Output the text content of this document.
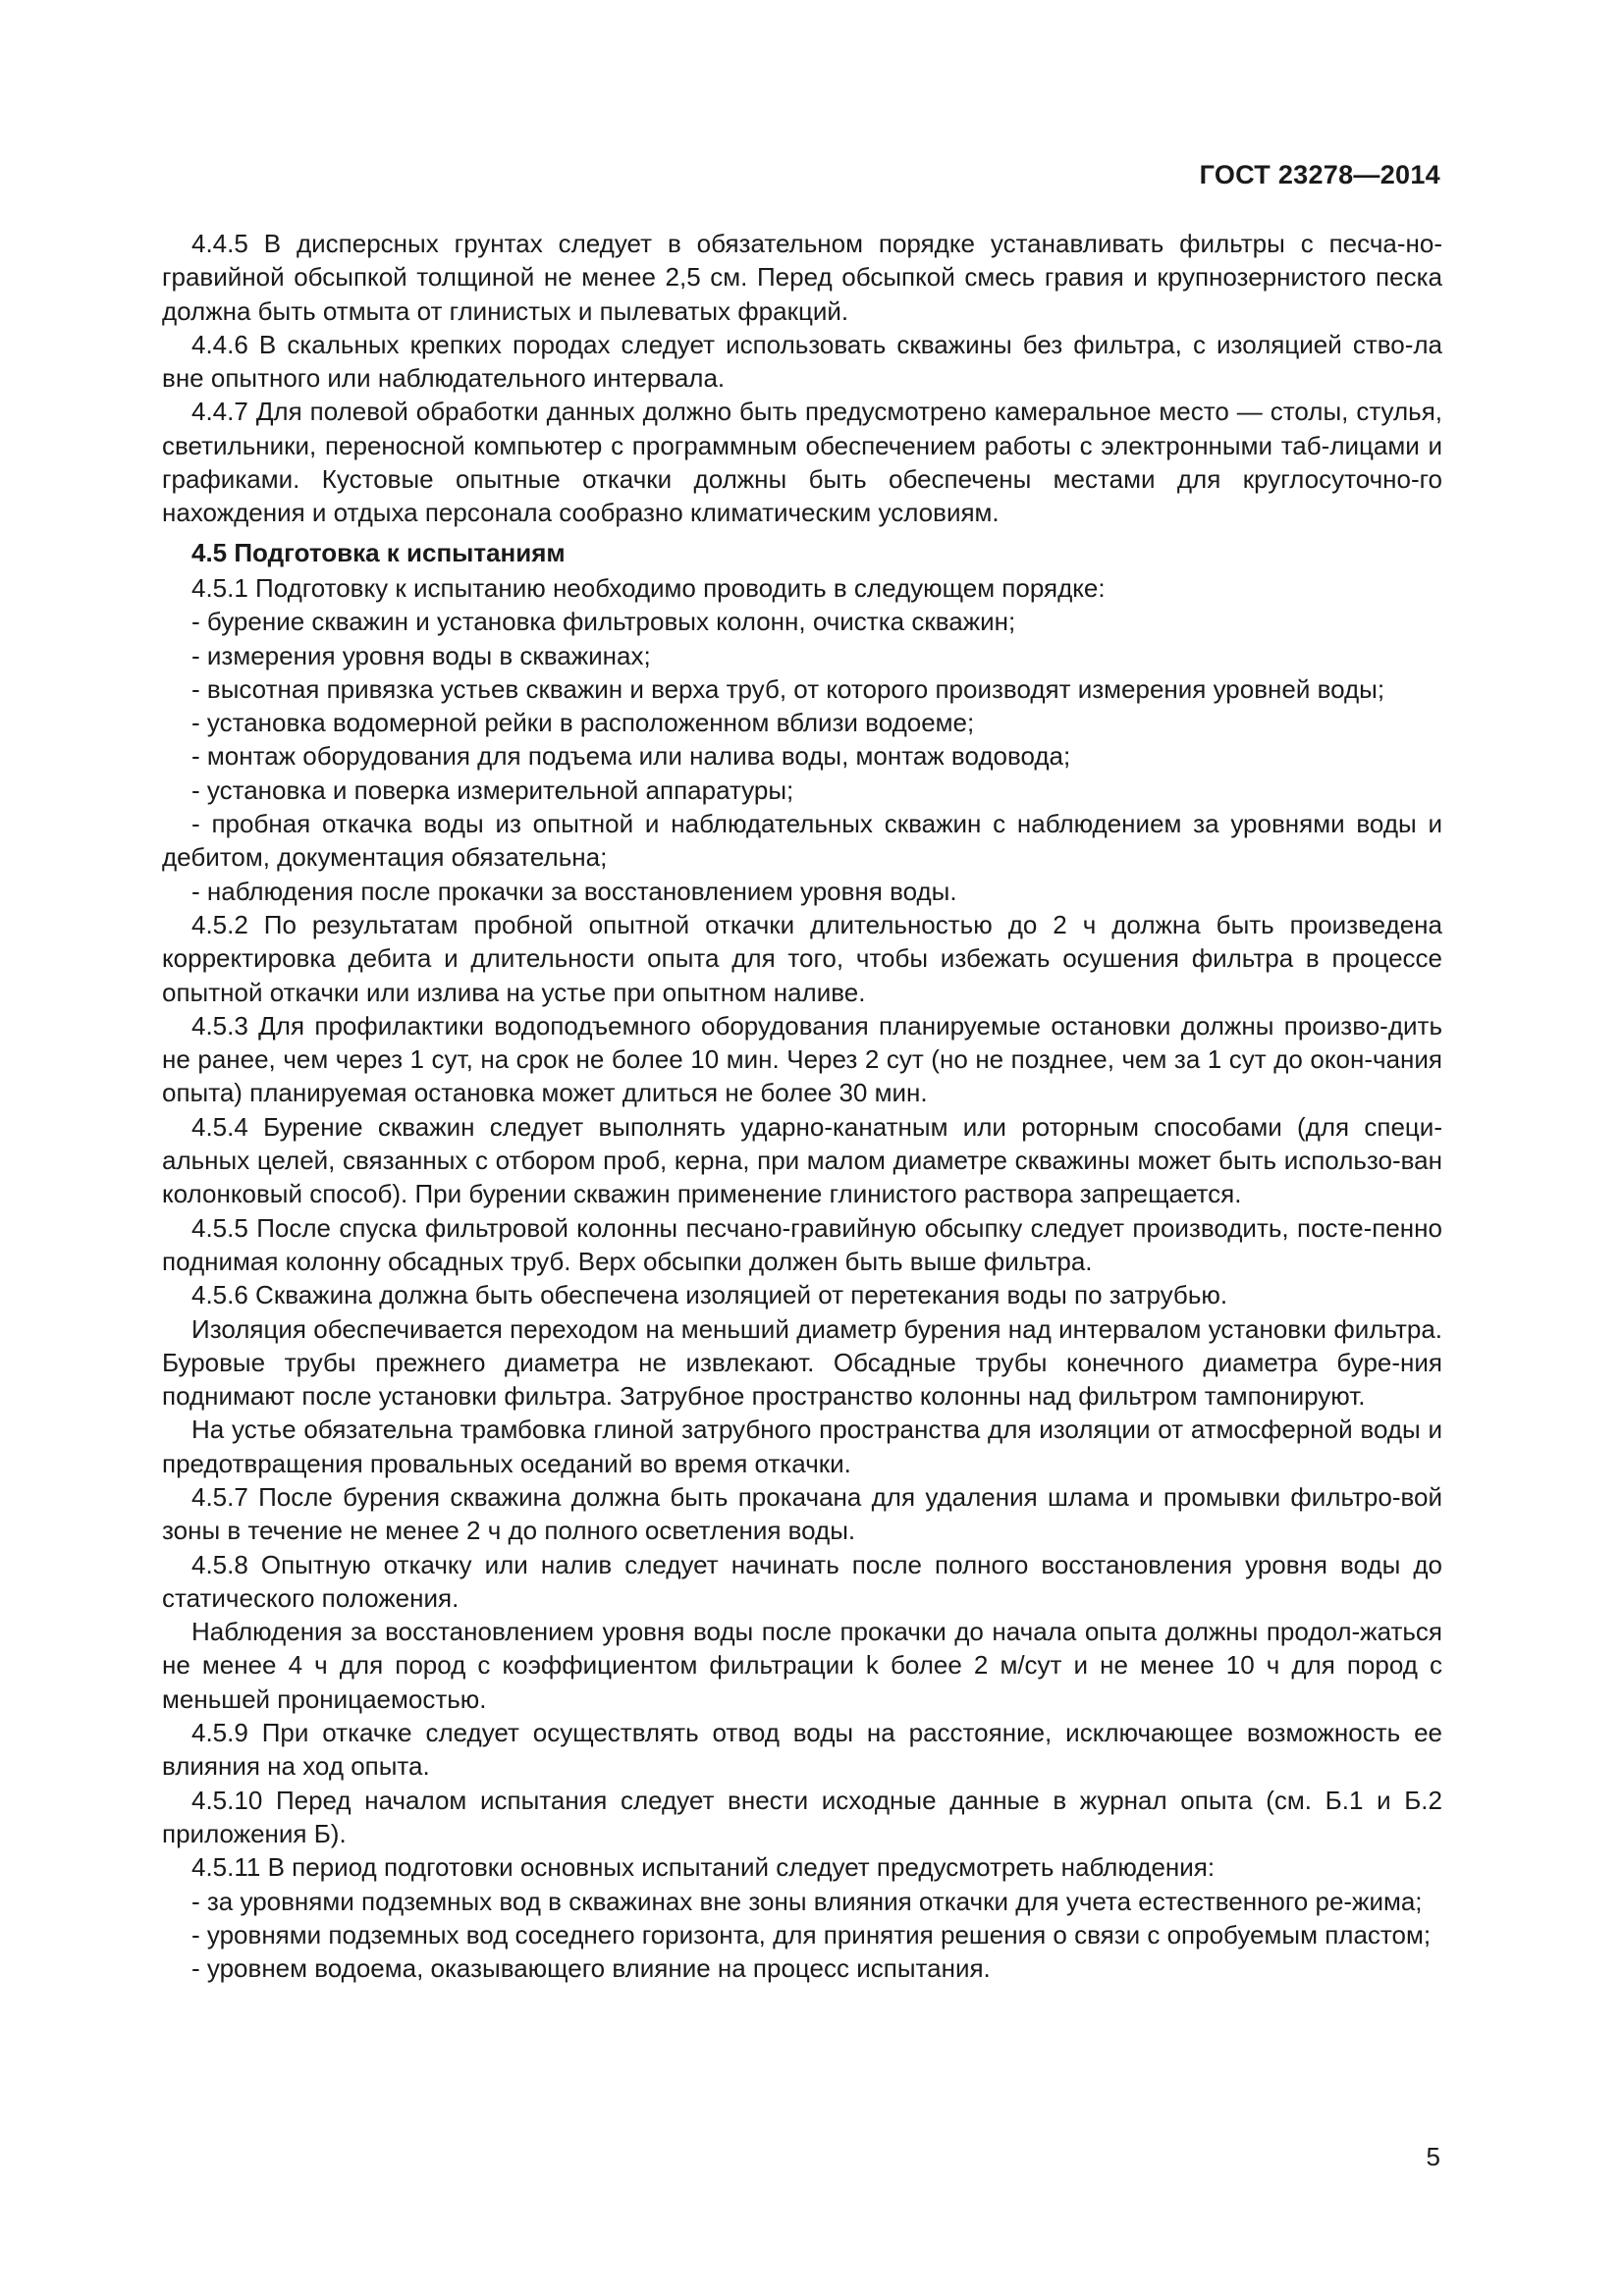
ГОСТ 23278—2014

4.4.5 В дисперсных грунтах следует в обязательном порядке устанавливать фильтры с песча-но-гравийной обсыпкой толщиной не менее 2,5 см. Перед обсыпкой смесь гравия и крупнозернистого песка должна быть отмыта от глинистых и пылеватых фракций.

4.4.6 В скальных крепких породах следует использовать скважины без фильтра, с изоляцией ство-ла вне опытного или наблюдательного интервала.

4.4.7 Для полевой обработки данных должно быть предусмотрено камеральное место — столы, стулья, светильники, переносной компьютер с программным обеспечением работы с электронными таб-лицами и графиками. Кустовые опытные откачки должны быть обеспечены местами для круглосуточно-го нахождения и отдыха персонала сообразно климатическим условиям.

4.5 Подготовка к испытаниям

4.5.1 Подготовку к испытанию необходимо проводить в следующем порядке:

- бурение скважин и установка фильтровых колонн, очистка скважин;

- измерения уровня воды в скважинах;

- высотная привязка устьев скважин и верха труб, от которого производят измерения уровней воды;

- установка водомерной рейки в расположенном вблизи водоеме;

- монтаж оборудования для подъема или налива воды, монтаж водовода;

- установка и поверка измерительной аппаратуры;

- пробная откачка воды из опытной и наблюдательных скважин с наблюдением за уровнями воды и дебитом, документация обязательна;

- наблюдения после прокачки за восстановлением уровня воды.

4.5.2 По результатам пробной опытной откачки длительностью до 2 ч должна быть произведена корректировка дебита и длительности опыта для того, чтобы избежать осушения фильтра в процессе опытной откачки или излива на устье при опытном наливе.

4.5.3 Для профилактики водоподъемного оборудования планируемые остановки должны произво-дить не ранее, чем через 1 сут, на срок не более 10 мин. Через 2 сут (но не позднее, чем за 1 сут до окон-чания опыта) планируемая остановка может длиться не более 30 мин.

4.5.4 Бурение скважин следует выполнять ударно-канатным или роторным способами (для специ-альных целей, связанных с отбором проб, керна, при малом диаметре скважины может быть использо-ван колонковый способ). При бурении скважин применение глинистого раствора запрещается.

4.5.5 После спуска фильтровой колонны песчано-гравийную обсыпку следует производить, посте-пенно поднимая колонну обсадных труб. Верх обсыпки должен быть выше фильтра.

4.5.6 Скважина должна быть обеспечена изоляцией от перетекания воды по затрубью.

Изоляция обеспечивается переходом на меньший диаметр бурения над интервалом установки фильтра. Буровые трубы прежнего диаметра не извлекают. Обсадные трубы конечного диаметра буре-ния поднимают после установки фильтра. Затрубное пространство колонны над фильтром тампонируют.

На устье обязательна трамбовка глиной затрубного пространства для изоляции от атмосферной воды и предотвращения провальных оседаний во время откачки.

4.5.7 После бурения скважина должна быть прокачана для удаления шлама и промывки фильтро-вой зоны в течение не менее 2 ч до полного осветления воды.

4.5.8 Опытную откачку или налив следует начинать после полного восстановления уровня воды до статического положения.

Наблюдения за восстановлением уровня воды после прокачки до начала опыта должны продол-жаться не менее 4 ч для пород с коэффициентом фильтрации k более 2 м/сут и не менее 10 ч для пород с меньшей проницаемостью.

4.5.9 При откачке следует осуществлять отвод воды на расстояние, исключающее возможность ее влияния на ход опыта.

4.5.10 Перед началом испытания следует внести исходные данные в журнал опыта (см. Б.1 и Б.2 приложения Б).

4.5.11 В период подготовки основных испытаний следует предусмотреть наблюдения:

- за уровнями подземных вод в скважинах вне зоны влияния откачки для учета естественного ре-жима;

- уровнями подземных вод соседнего горизонта, для принятия решения о связи с опробуемым пластом;

- уровнем водоема, оказывающего влияние на процесс испытания.

5
